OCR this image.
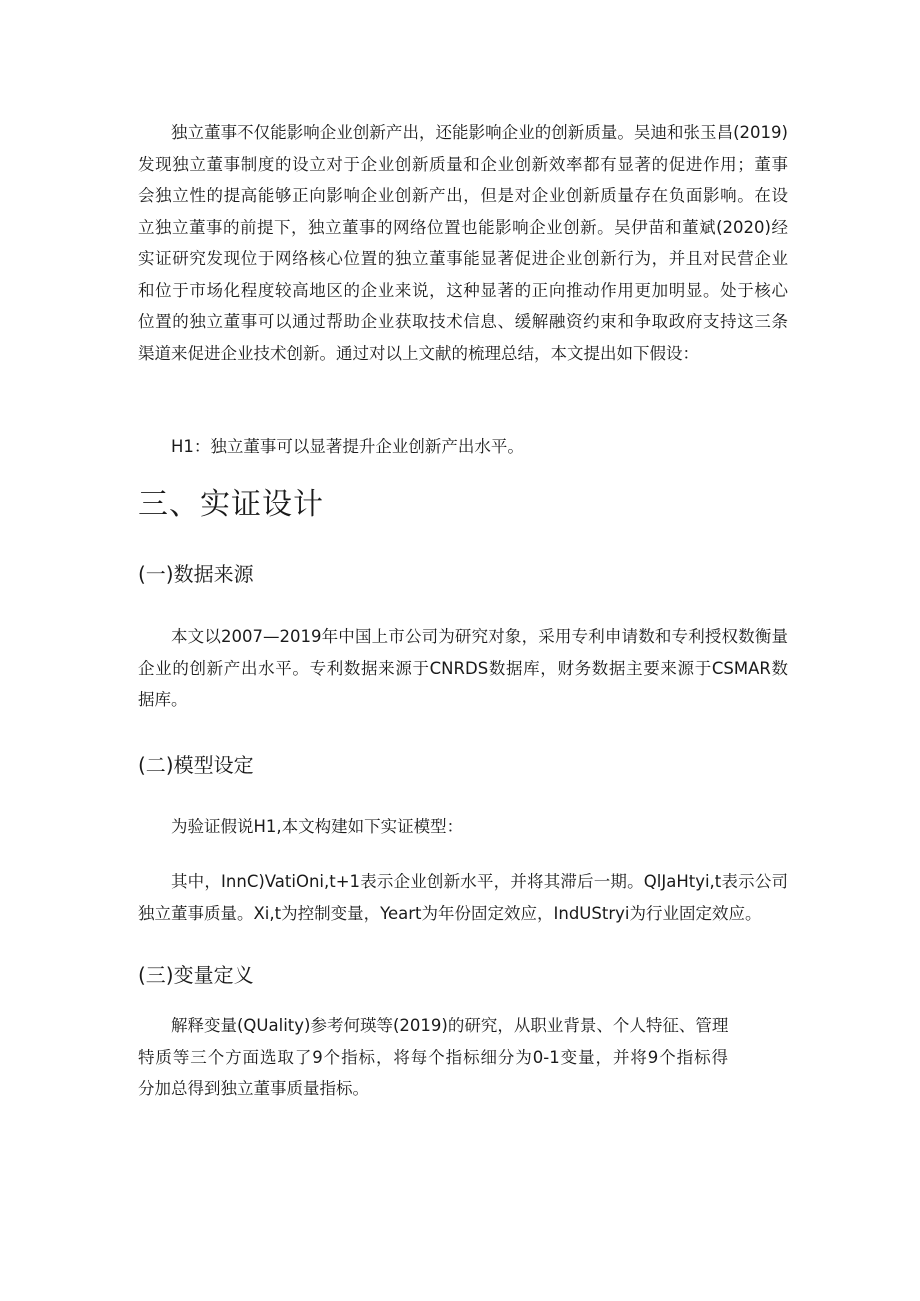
独立董事不仅能影响企业创新产出，还能影响企业的创新质量。吴迪和张玉昌(2019)
发现独立董事制度的设立对于企业创新质量和企业创新效率都有显著的促进作用；董事
会独立性的提高能够正向影响企业创新产出，但是对企业创新质量存在负面影响。在设
立独立董事的前提下，独立董事的网络位置也能影响企业创新。吴伊苗和董斌(2020)经
实证研究发现位于网络核心位置的独立董事能显著促进企业创新行为，并且对民营企业
和位于市场化程度较高地区的企业来说，这种显著的正向推动作用更加明显。处于核心
位置的独立董事可以通过帮助企业获取技术信息、缓解融资约束和争取政府支持这三条
渠道来促进企业技术创新。通过对以上文献的梳理总结，本文提出如下假设：

H1：独立董事可以显著提升企业创新产出水平。

三、实证设计
(一)数据来源
本文以2007—2019年中国上市公司为研究对象，采用专利申请数和专利授权数衡量
企业的创新产出水平。专利数据来源于CNRDS数据库，财务数据主要来源于CSMAR数
据库。
(二)模型设定

为验证假说H1,本文构建如下实证模型：

其中，InnC)VatiOni,t+1表示企业创新水平，并将其滞后一期。QlJaHtyi,t表示公司
独立董事质量。Xi,t为控制变量，Yeart为年份固定效应，IndUStryi为行业固定效应。
(三)变量定义
解释变量(QUality)参考何瑛等(2019)的研究，从职业背景、个人特征、管理
特质等三个方面选取了9个指标，将每个指标细分为0-1变量，并将9个指标得
分加总得到独立董事质量指标。
